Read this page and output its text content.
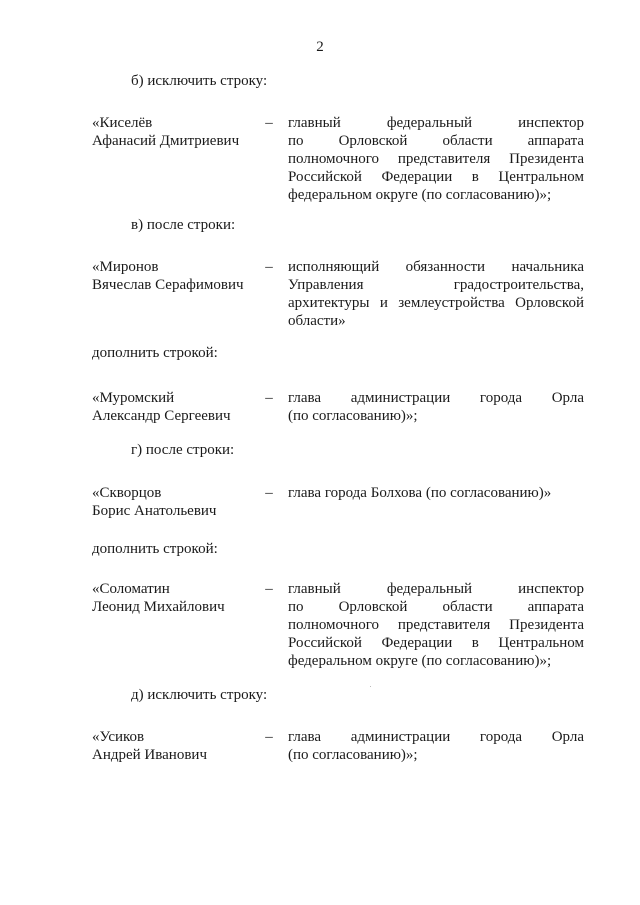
2
б) исключить строку:
«Киселёв
Афанасий Дмитриевич
– главный федеральный инспектор
по Орловской области аппарата
полномочного представителя Президента
Российской Федерации в Центральном
федеральном округе (по согласованию)»;
в) после строки:
«Миронов
Вячеслав Серафимович
– исполняющий обязанности начальника
Управления градостроительства,
архитектуры и землеустройства Орловской
области»
дополнить строкой:
«Муромский
Александр Сергеевич
– глава администрации города Орла
(по согласованию)»;
г) после строки:
«Скворцов
Борис Анатольевич
– глава города Болхова (по согласованию)»
дополнить строкой:
«Соломатин
Леонид Михайлович
– главный федеральный инспектор
по Орловской области аппарата
полномочного представителя Президента
Российской Федерации в Центральном
федеральном округе (по согласованию)»;
д) исключить строку:
«Усиков
Андрей Иванович
– глава администрации города Орла
(по согласованию)»;
